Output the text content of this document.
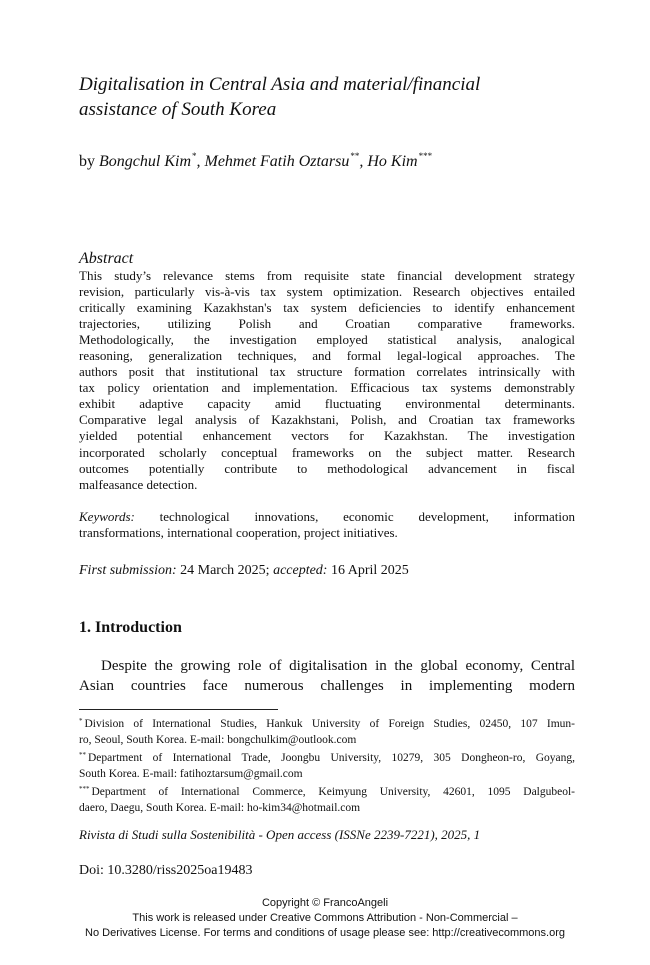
Digitalisation in Central Asia and material/financial
assistance of South Korea
by Bongchul Kim*, Mehmet Fatih Oztarsu**, Ho Kim***
Abstract
This study’s relevance stems from requisite state financial development strategy
revision, particularly vis-à-vis tax system optimization. Research objectives entailed
critically examining Kazakhstan's tax system deficiencies to identify enhancement
trajectories, utilizing Polish and Croatian comparative frameworks.
Methodologically, the investigation employed statistical analysis, analogical
reasoning, generalization techniques, and formal legal-logical approaches. The
authors posit that institutional tax structure formation correlates intrinsically with
tax policy orientation and implementation. Efficacious tax systems demonstrably
exhibit adaptive capacity amid fluctuating environmental determinants.
Comparative legal analysis of Kazakhstani, Polish, and Croatian tax frameworks
yielded potential enhancement vectors for Kazakhstan. The investigation
incorporated scholarly conceptual frameworks on the subject matter. Research
outcomes potentially contribute to methodological advancement in fiscal
malfeasance detection.
Keywords: technological innovations, economic development, information
transformations, international cooperation, project initiatives.
First submission: 24 March 2025; accepted: 16 April 2025
1. Introduction
Despite the growing role of digitalisation in the global economy, Central
Asian countries face numerous challenges in implementing modern
* Division of International Studies, Hankuk University of Foreign Studies, 02450, 107 Imun-
ro, Seoul, South Korea. E-mail: bongchulkim@outlook.com
** Department of International Trade, Joongbu University, 10279, 305 Dongheon-ro, Goyang,
South Korea. E-mail: fatihoztarsum@gmail.com
*** Department of International Commerce, Keimyung University, 42601, 1095 Dalgubeol-
daero, Daegu, South Korea. E-mail: ho-kim34@hotmail.com
Rivista di Studi sulla Sostenibilità - Open access (ISSNe 2239-7221), 2025, 1
Doi: 10.3280/riss2025oa19483
Copyright © FrancoAngeli
This work is released under Creative Commons Attribution - Non-Commercial –
No Derivatives License. For terms and conditions of usage please see: http://creativecommons.org
